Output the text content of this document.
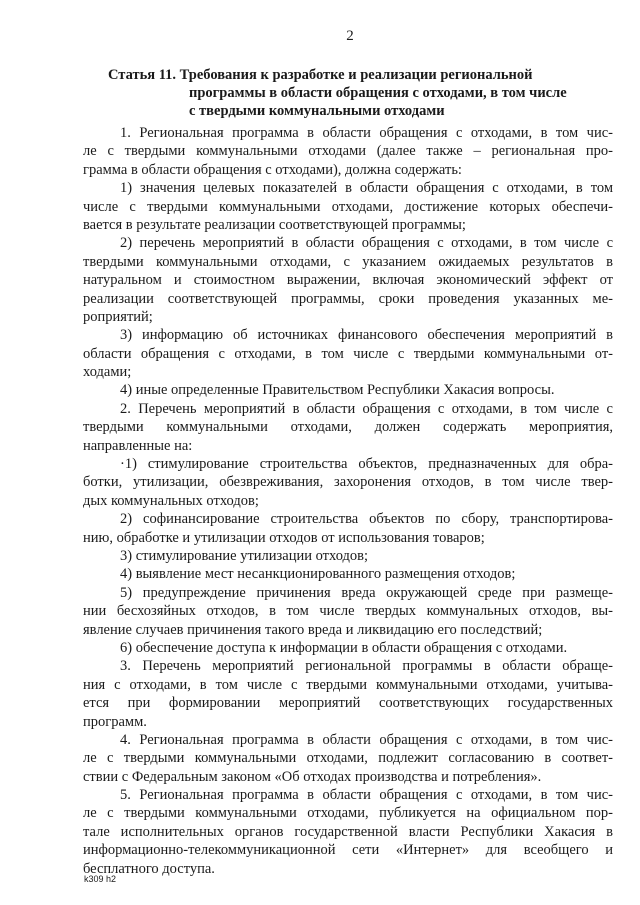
2
Статья 11. Требования к разработке и реализации региональной
программы в области обращения с отходами, в том числе
с твердыми коммунальными отходами
1. Региональная программа в области обращения с отходами, в том чис-
ле с твердыми коммунальными отходами (далее также – региональная про-
грамма в области обращения с отходами), должна содержать:
1) значения целевых показателей в области обращения с отходами, в том
числе с твердыми коммунальными отходами, достижение которых обеспечи-
вается в результате реализации соответствующей программы;
2) перечень мероприятий в области обращения с отходами, в том числе с
твердыми коммунальными отходами, с указанием ожидаемых результатов в
натуральном и стоимостном выражении, включая экономический эффект от
реализации соответствующей программы, сроки проведения указанных ме-
роприятий;
3) информацию об источниках финансового обеспечения мероприятий в
области обращения с отходами, в том числе с твердыми коммунальными от-
ходами;
4) иные определенные Правительством Республики Хакасия вопросы.
2. Перечень мероприятий в области обращения с отходами, в том числе с
твердыми коммунальными отходами, должен содержать мероприятия,
направленные на:
·1) стимулирование строительства объектов, предназначенных для обра-
ботки, утилизации, обезвреживания, захоронения отходов, в том числе твер-
дых коммунальных отходов;
2) софинансирование строительства объектов по сбору, транспортирова-
нию, обработке и утилизации отходов от использования товаров;
3) стимулирование утилизации отходов;
4) выявление мест несанкционированного размещения отходов;
5) предупреждение причинения вреда окружающей среде при размеще-
нии бесхозяйных отходов, в том числе твердых коммунальных отходов, вы-
явление случаев причинения такого вреда и ликвидацию его последствий;
6) обеспечение доступа к информации в области обращения с отходами.
3. Перечень мероприятий региональной программы в области обраще-
ния с отходами, в том числе с твердыми коммунальными отходами, учитыва-
ется при формировании мероприятий соответствующих государственных
программ.
4. Региональная программа в области обращения с отходами, в том чис-
ле с твердыми коммунальными отходами, подлежит согласованию в соответ-
ствии с Федеральным законом «Об отходах производства и потребления».
5. Региональная программа в области обращения с отходами, в том чис-
ле с твердыми коммунальными отходами, публикуется на официальном пор-
тале исполнительных органов государственной власти Республики Хакасия в
информационно-телекоммуникационной сети «Интернет» для всеобщего и
бесплатного доступа.
k309 h2
